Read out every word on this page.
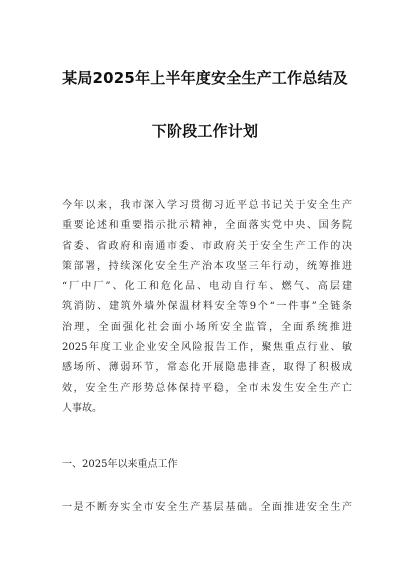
某局2025年上半年度安全生产工作总结及
下阶段工作计划
今年以来，我市深入学习贯彻习近平总书记关于安全生产
重要论述和重要指示批示精神，全面落实党中央、国务院
省委、省政府和南通市委、市政府关于安全生产工作的决
策部署，持续深化安全生产治本攻坚三年行动，统筹推进
“厂中厂”、化工和危化品、电动自行车、燃气、高层建
筑消防、建筑外墙外保温材料安全等9个“一件事”全链条
治理，全面强化社会面小场所安全监管，全面系统推进
2025年度工业企业安全风险报告工作，聚焦重点行业、敏
感场所、薄弱环节，常态化开展隐患排查，取得了积极成
效，安全生产形势总体保持平稳，全市未发生安全生产亡
人事故。
一、2025年以来重点工作
一是不断夯实全市安全生产基层基础。全面推进安全生产
